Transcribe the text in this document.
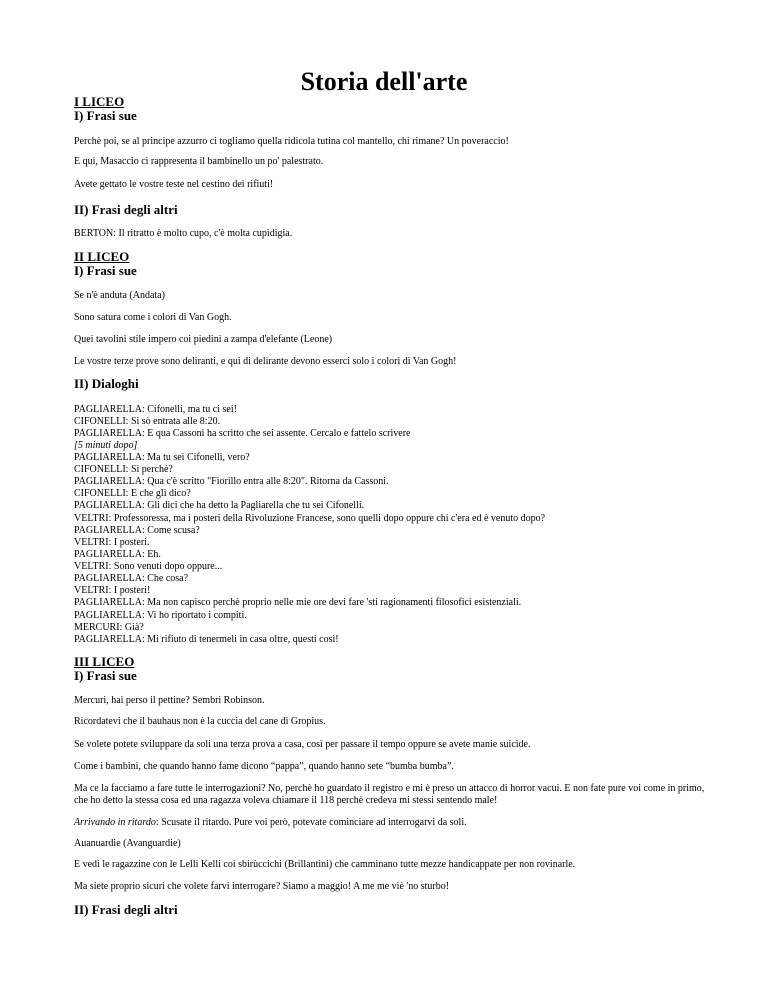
Storia dell'arte
I LICEO
I) Frasi sue
Perchè poi, se al principe azzurro ci togliamo quella ridicola tutina col mantello, chi rimane? Un poveraccio!
E qui, Masaccio ci rappresenta il bambinello un po' palestrato.
Avete gettato le vostre teste nel cestino dei rifiuti!
II) Frasi degli altri
BERTON: Il ritratto è molto cupo, c'è molta cupidigia.
II LICEO
I) Frasi sue
Se n'è anduta (Andata)
Sono satura come i colori di Van Gogh.
Quei tavolini stile impero coi piedini a zampa d'elefante (Leone)
Le vostre terze prove sono deliranti, e qui di delirante devono esserci solo i colori di Van Gogh!
II) Dialoghi
PAGLIARELLA: Cifonelli, ma tu ci sei!
CIFONELLI: Si sò entrata alle 8:20.
PAGLIARELLA: E qua Cassoni ha scritto che sei assente. Cercalo e fattelo scrivere
[5 minuti dopo]
PAGLIARELLA: Ma tu sei Cifonelli, vero?
CIFONELLI: Si perchè?
PAGLIARELLA: Qua c'è scritto "Fiorillo entra alle 8:20". Ritorna da Cassoni.
CIFONELLI: E che gli dico?
PAGLIARELLA: Gli dici che ha detto la Pagliarella che tu sei Cifonelli.
VELTRI: Professoressa, ma i posteri della Rivoluzione Francese, sono quelli dopo oppure chi c'era ed è venuto dopo?
PAGLIARELLA: Come scusa?
VELTRI: I posteri.
PAGLIARELLA: Eh.
VELTRI: Sono venuti dopo oppure...
PAGLIARELLA: Che cosa?
VELTRI: I posteri!
PAGLIARELLA: Ma non capisco perchè proprio nelle mie ore devi fare 'sti ragionamenti filosofici esistenziali.
PAGLIARELLA: Vi ho riportato i compiti.
MERCURI: Già?
PAGLIARELLA: Mi rifiuto di tenermeli in casa oltre, questi così!
III LICEO
I) Frasi sue
Mercuri, hai perso il pettine? Sembri Robinson.
Ricordatevi che il bauhaus non è la cuccia del cane di Gropius.
Se volete potete sviluppare da soli una terza prova a casa, così per passare il tempo oppure se avete manie suicide.
Come i bambini, che quando hanno fame dicono “pappa”, quando hanno sete “bumba bumba”.
Ma ce la facciamo a fare tutte le interrogazioni? No, perchè ho guardato il registro e mi è preso un attacco di horror vacui. E non fate pure voi come in primo, che ho detto la stessa cosa ed una ragazza voleva chiamare il 118 perchè credeva mi stessi sentendo male!
Arrivando in ritardo: Scusate il ritardo. Pure voi però, potevate cominciare ad interrogarvi da soli.
Auanuardie (Avanguardie)
E vedi le ragazzine con le Lelli Kelli coi sbirùccichi (Brillantini) che camminano tutte mezze handicappate per non rovinarle.
Ma siete proprio sicuri che volete farvi interrogare? Siamo a maggio! A me me viè 'no sturbo!
II) Frasi degli altri
